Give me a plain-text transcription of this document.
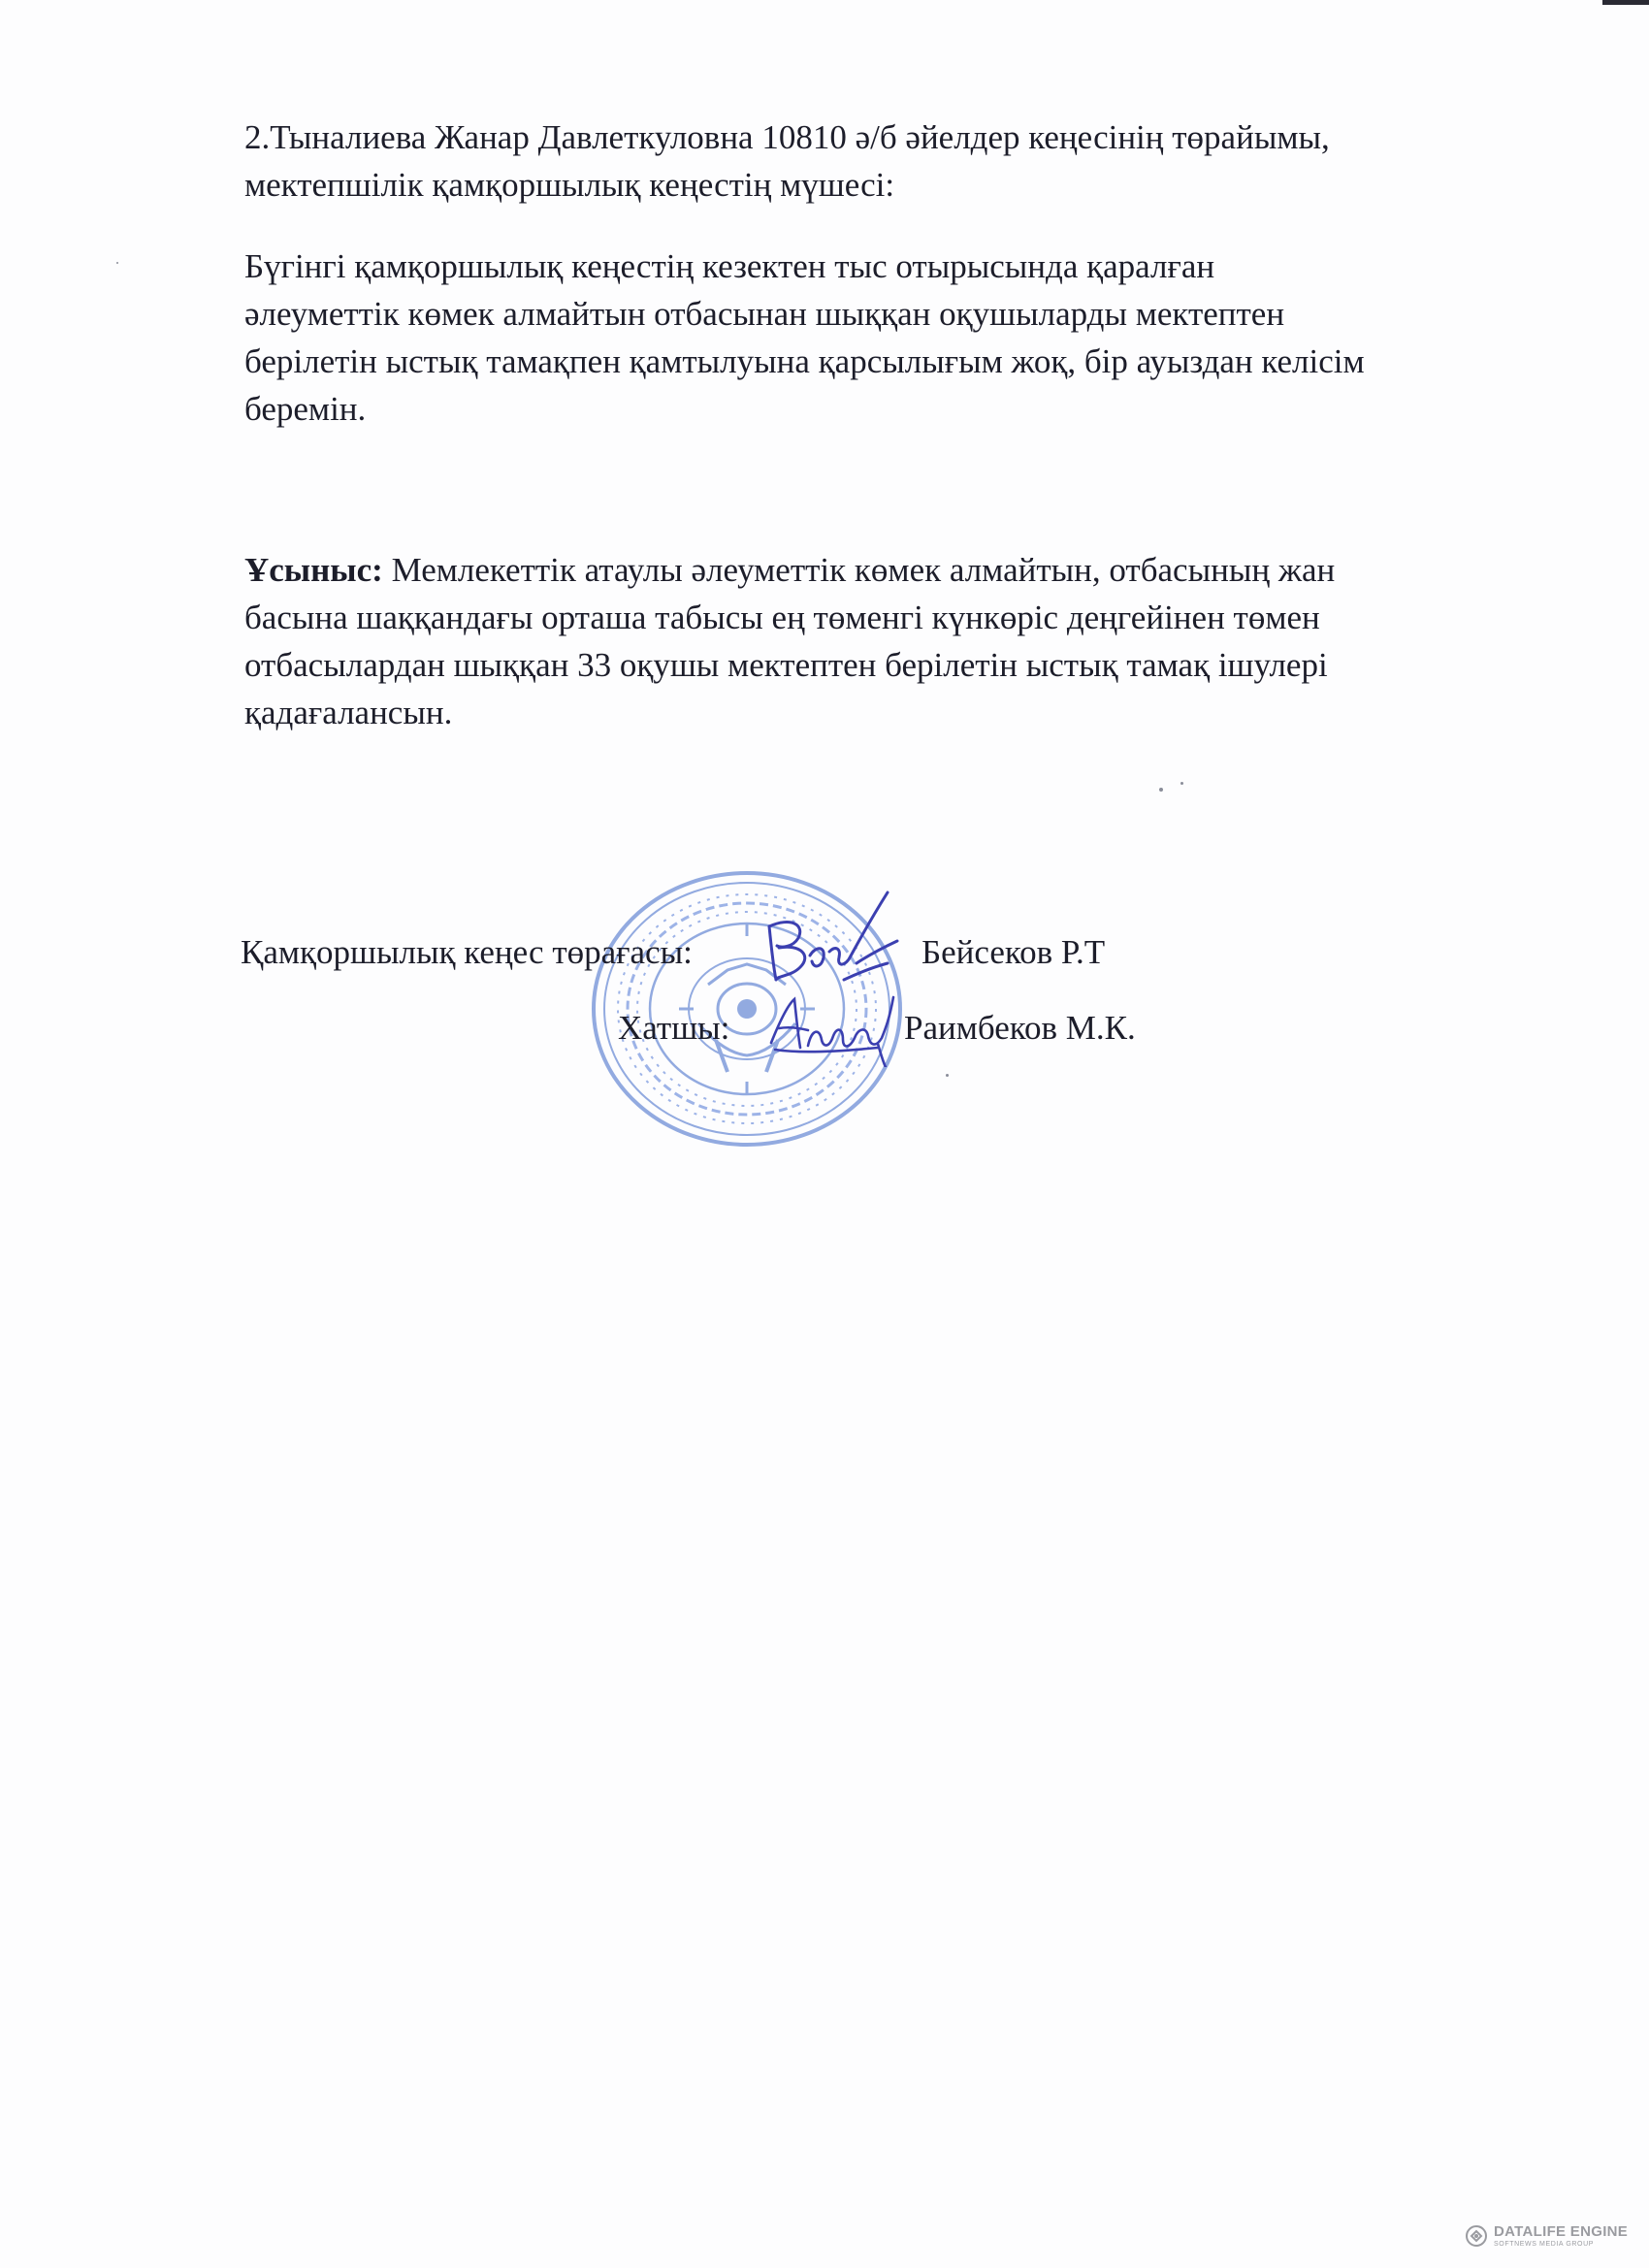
2.Тыналиева Жанар Давлеткуловна 10810 ә/б әйелдер кеңесінің төрайымы,

мектепшілік қамқоршылық кеңестің мүшесі:

Бүгінгі қамқоршылық кеңестің кезектен тыс отырысында қаралған

әлеуметтік көмек алмайтын отбасынан шыққан оқушыларды мектептен

берілетін ыстық тамақпен қамтылуына қарсылығым жоқ, бір ауыздан келісім

беремін.

Ұсыныс: Мемлекеттік атаулы әлеуметтік көмек алмайтын, отбасының жан

басына шаққандағы орташа табысы ең төменгі күнкөріс деңгейінен төмен

отбасылардан шыққан 33 оқушы мектептен берілетін ыстық тамақ ішулері

қадағалансын.

Қамқоршылық кеңес төрағасы:	Бейсеков Р.Т
Хатшы:	Раимбеков М.К.
DATALIFE ENGINE
SOFTNEWS MEDIA GROUP
